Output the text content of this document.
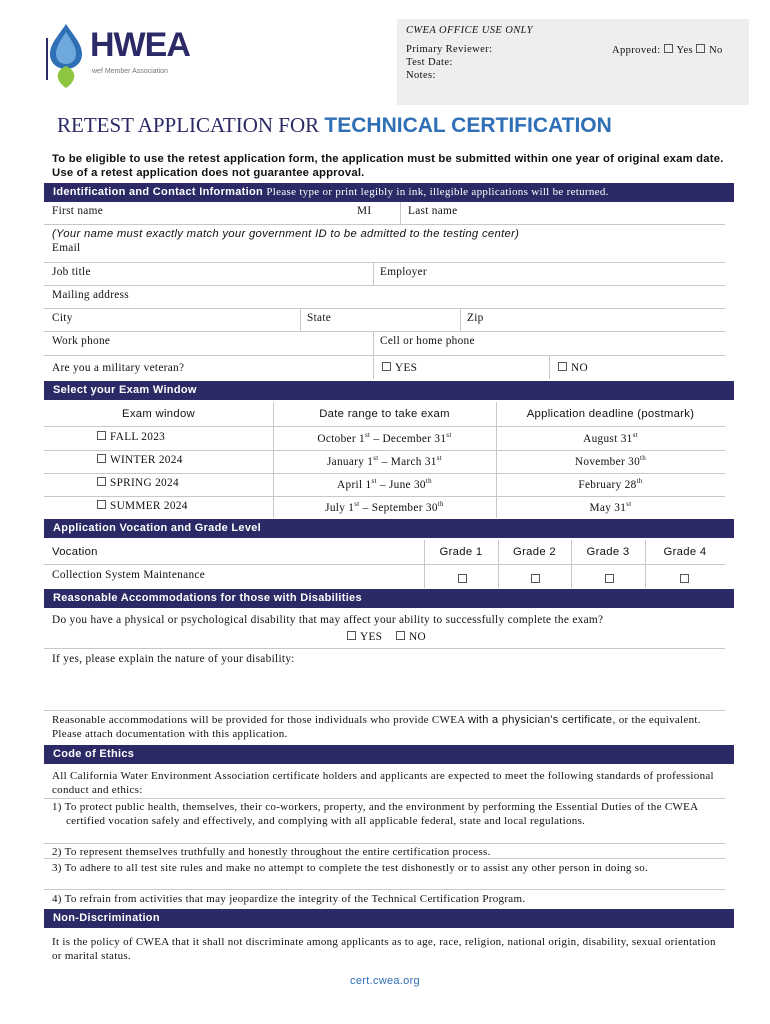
HWEA
wef Member Association
CWEA OFFICE USE ONLY
Primary Reviewer:	Approved: Yes No
Test Date:
Notes:
RETEST APPLICATION FOR TECHNICAL CERTIFICATION
To be eligible to use the retest application form, the application must be submitted within one year of original exam date. Use of a retest application does not guarantee approval.
Identification and Contact Information Please type or print legibly in ink, illegible applications will be returned.
First name	MI	Last name
(Your name must exactly match your government ID to be admitted to the testing center)
Email
Job title	Employer
Mailing address
City	State	Zip
Work phone	Cell or home phone
Are you a military veteran?	YES	NO
Select your Exam Window
Exam window	Date range to take exam	Application deadline (postmark)
FALL 2023	October 1st – December 31st	August 31st
WINTER 2024	January 1st – March 31st	November 30th
SPRING 2024	April 1st – June 30th	February 28th
SUMMER 2024	July 1st – September 30th	May 31st
Application Vocation and Grade Level
Vocation	Grade 1	Grade 2	Grade 3	Grade 4
Collection System Maintenance
Reasonable Accommodations for those with Disabilities
Do you have a physical or psychological disability that may affect your ability to successfully complete the exam?
YES	NO
If yes, please explain the nature of your disability:
Reasonable accommodations will be provided for those individuals who provide CWEA with a physician's certificate, or the equivalent. Please attach documentation with this application.
Code of Ethics
All California Water Environment Association certificate holders and applicants are expected to meet the following standards of professional conduct and ethics:
1) To protect public health, themselves, their co-workers, property, and the environment by performing the Essential Duties of the CWEA certified vocation safely and effectively, and complying with all applicable federal, state and local regulations.
2) To represent themselves truthfully and honestly throughout the entire certification process.
3) To adhere to all test site rules and make no attempt to complete the test dishonestly or to assist any other person in doing so.
4) To refrain from activities that may jeopardize the integrity of the Technical Certification Program.
Non-Discrimination
It is the policy of CWEA that it shall not discriminate among applicants as to age, race, religion, national origin, disability, sexual orientation or marital status.
cert.cwea.org
